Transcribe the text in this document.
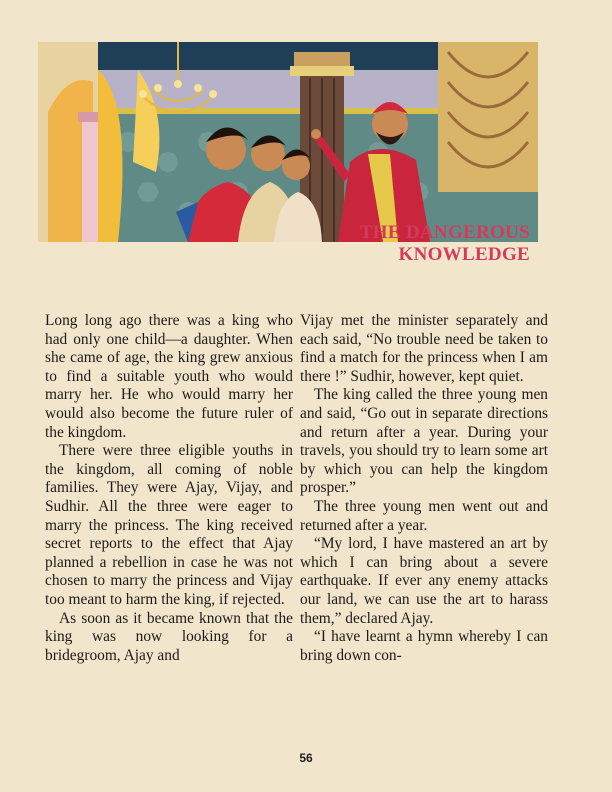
THE DANGEROUS
KNOWLEDGE

Long long ago there was a king who had only one child—a daughter. When she came of age, the king grew anxious to find a suitable youth who would marry her. He who would marry her would also become the future ruler of the kingdom.

There were three eligible youths in the kingdom, all coming of noble families. They were Ajay, Vijay, and Sudhir. All the three were eager to marry the princess. The king received secret reports to the effect that Ajay planned a rebellion in case he was not chosen to marry the princess and Vijay too meant to harm the king, if rejected.

As soon as it became known that the king was now looking for a bridegroom, Ajay and

Vijay met the minister separately and each said, “No trouble need be taken to find a match for the princess when I am there !” Sudhir, however, kept quiet.

The king called the three young men and said, “Go out in separate directions and return after a year. During your travels, you should try to learn some art by which you can help the kingdom prosper.”

The three young men went out and returned after a year.

“My lord, I have mastered an art by which I can bring about a severe earthquake. If ever any enemy attacks our land, we can use the art to harass them,” declared Ajay.

“I have learnt a hymn whereby I can bring down con-

56
